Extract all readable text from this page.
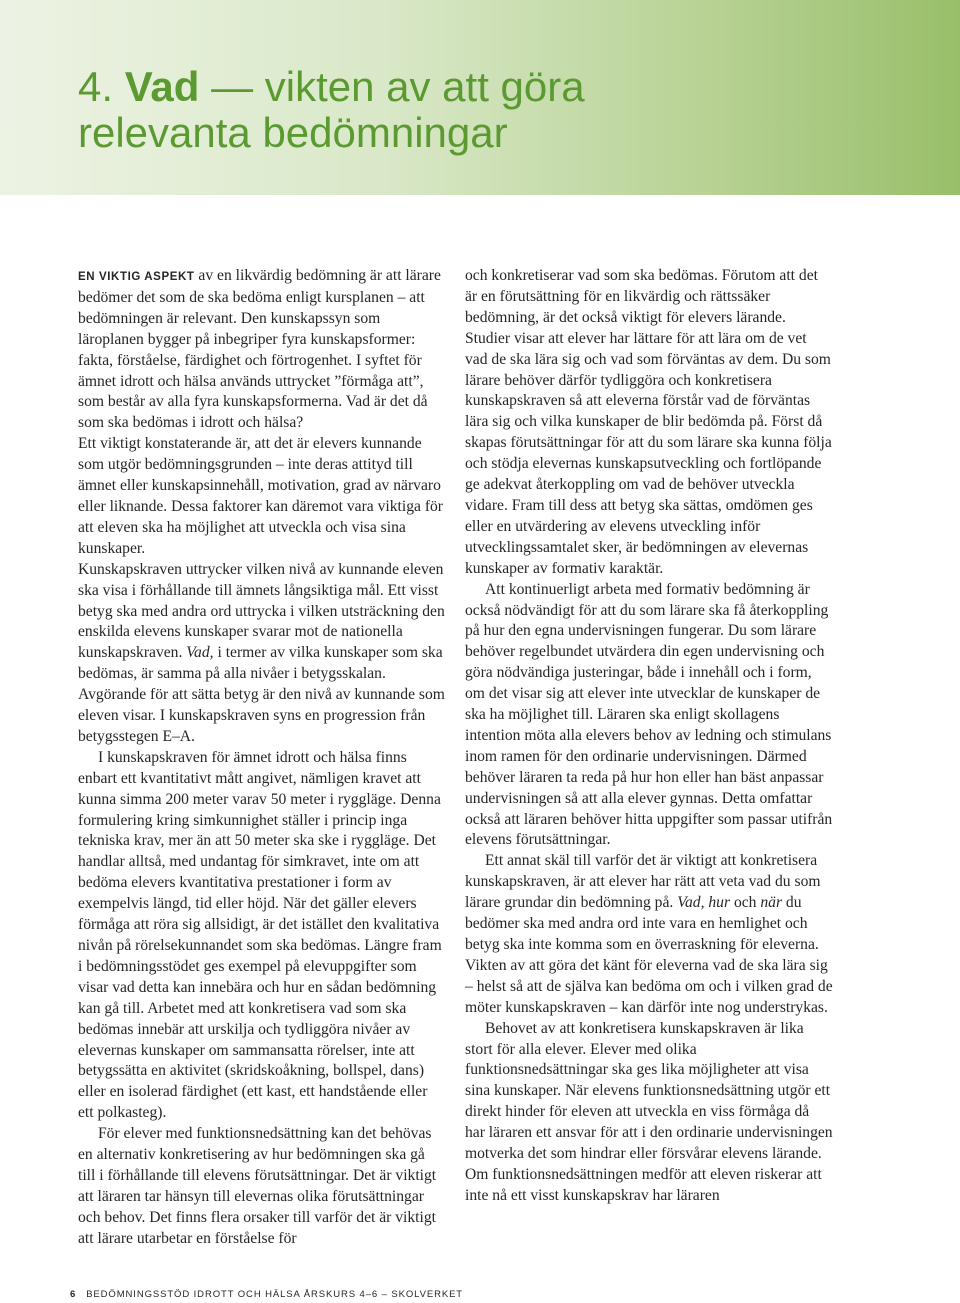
4. Vad — vikten av att göra
relevanta bedömningar

EN VIKTIG ASPEKT av en likvärdig bedömning är att lärare bedömer det som de ska bedöma enligt kursplanen – att bedömningen är relevant. Den kunskapssyn som läroplanen bygger på inbegriper fyra kunskapsformer: fakta, förståelse, färdighet och förtrogenhet. I syftet för ämnet idrott och hälsa används uttrycket ”förmåga att”, som består av alla fyra kunskapsformerna. Vad är det då som ska bedömas i idrott och hälsa?

Ett viktigt konstaterande är, att det är elevers kunnande som utgör bedömningsgrunden – inte deras attityd till ämnet eller kunskapsinnehåll, motivation, grad av närvaro eller liknande. Dessa faktorer kan däremot vara viktiga för att eleven ska ha möjlighet att utveckla och visa sina kunskaper.

Kunskapskraven uttrycker vilken nivå av kunnande eleven ska visa i förhållande till ämnets långsiktiga mål. Ett visst betyg ska med andra ord uttrycka i vilken utsträckning den enskilda elevens kunskaper svarar mot de nationella kunskapskraven. Vad, i termer av vilka kunskaper som ska bedömas, är samma på alla nivåer i betygsskalan. Avgörande för att sätta betyg är den nivå av kunnande som eleven visar. I kunskapskraven syns en progression från betygsstegen E–A.

I kunskapskraven för ämnet idrott och hälsa finns enbart ett kvantitativt mått angivet, nämligen kravet att kunna simma 200 meter varav 50 meter i ryggläge. Denna formulering kring simkunnighet ställer i princip inga tekniska krav, mer än att 50 meter ska ske i ryggläge. Det handlar alltså, med undantag för simkravet, inte om att bedöma elevers kvantitativa prestationer i form av exempelvis längd, tid eller höjd. När det gäller elevers förmåga att röra sig allsidigt, är det istället den kvalitativa nivån på rörelsekunnandet som ska bedömas. Längre fram i bedömningsstödet ges exempel på elevuppgifter som visar vad detta kan innebära och hur en sådan bedömning kan gå till. Arbetet med att konkretisera vad som ska bedömas innebär att urskilja och tydliggöra nivåer av elevernas kunskaper om sammansatta rörelser, inte att betygssätta en aktivitet (skridskoåkning, bollspel, dans) eller en isolerad färdighet (ett kast, ett handstående eller ett polkasteg).

För elever med funktionsnedsättning kan det behövas en alternativ konkretisering av hur bedömningen ska gå till i förhållande till elevens förutsättningar. Det är viktigt att läraren tar hänsyn till elevernas olika förutsättningar och behov. Det finns flera orsaker till varför det är viktigt att lärare utarbetar en förståelse för

och konkretiserar vad som ska bedömas. Förutom att det är en förutsättning för en likvärdig och rättssäker bedömning, är det också viktigt för elevers lärande. Studier visar att elever har lättare för att lära om de vet vad de ska lära sig och vad som förväntas av dem. Du som lärare behöver därför tydliggöra och konkretisera kunskapskraven så att eleverna förstår vad de förväntas lära sig och vilka kunskaper de blir bedömda på. Först då skapas förutsättningar för att du som lärare ska kunna följa och stödja elevernas kunskapsutveckling och fortlöpande ge adekvat återkoppling om vad de behöver utveckla vidare. Fram till dess att betyg ska sättas, omdömen ges eller en utvärdering av elevens utveckling inför utvecklingssamtalet sker, är bedömningen av elevernas kunskaper av formativ karaktär.

Att kontinuerligt arbeta med formativ bedömning är också nödvändigt för att du som lärare ska få återkoppling på hur den egna undervisningen fungerar. Du som lärare behöver regelbundet utvärdera din egen undervisning och göra nödvändiga justeringar, både i innehåll och i form, om det visar sig att elever inte utvecklar de kunskaper de ska ha möjlighet till. Läraren ska enligt skollagens intention möta alla elevers behov av ledning och stimulans inom ramen för den ordinarie undervisningen. Därmed behöver läraren ta reda på hur hon eller han bäst anpassar undervisningen så att alla elever gynnas. Detta omfattar också att läraren behöver hitta uppgifter som passar utifrån elevens förutsättningar.

Ett annat skäl till varför det är viktigt att konkretisera kunskapskraven, är att elever har rätt att veta vad du som lärare grundar din bedömning på. Vad, hur och när du bedömer ska med andra ord inte vara en hemlighet och betyg ska inte komma som en överraskning för eleverna. Vikten av att göra det känt för eleverna vad de ska lära sig – helst så att de själva kan bedöma om och i vilken grad de möter kunskapskraven – kan därför inte nog understrykas.

Behovet av att konkretisera kunskapskraven är lika stort för alla elever. Elever med olika funktionsnedsättningar ska ges lika möjligheter att visa sina kunskaper. När elevens funktionsnedsättning utgör ett direkt hinder för eleven att utveckla en viss förmåga då har läraren ett ansvar för att i den ordinarie undervisningen motverka det som hindrar eller försvårar elevens lärande. Om funktionsnedsättningen medför att eleven riskerar att inte nå ett visst kunskapskrav har läraren

6 BEDÖMNINGSSTÖD IDROTT OCH HÄLSA ÅRSKURS 4–6 – SKOLVERKET
